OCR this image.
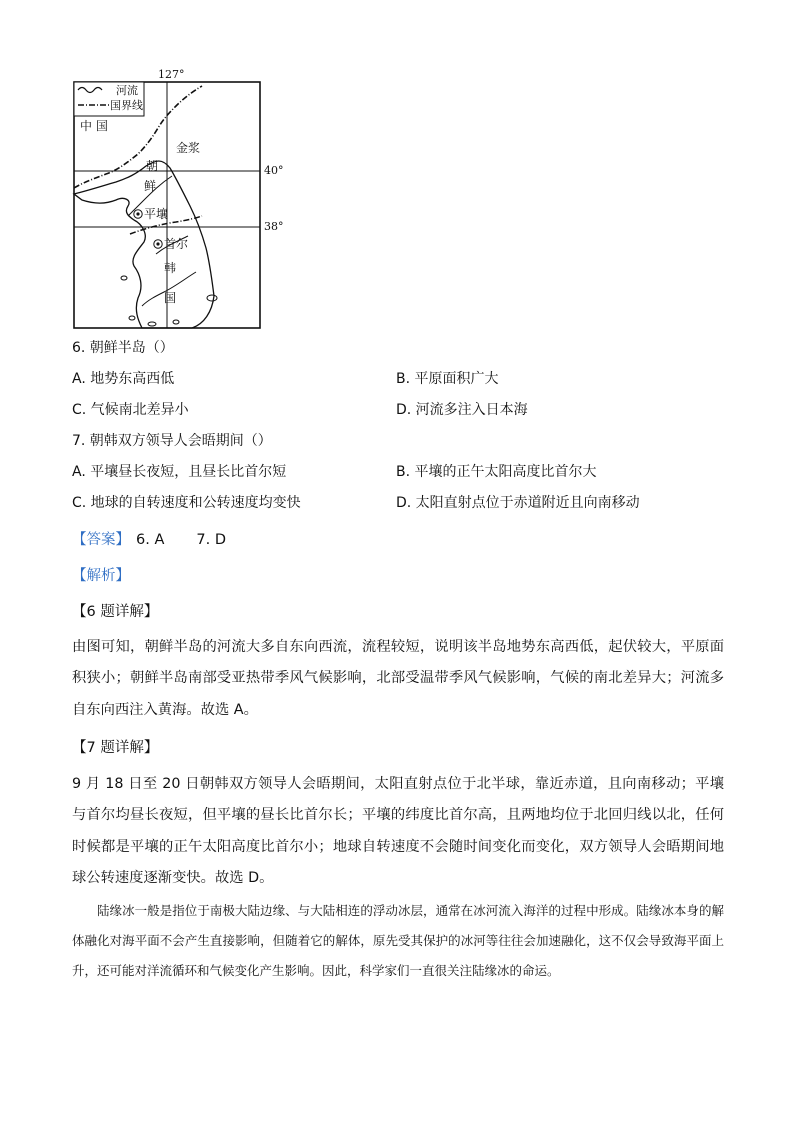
河流
国界线
127°
40°
38°
中 国
金浆
朝
鲜
平壤
首尔
韩
国
6. 朝鲜半岛（）
A. 地势东高西低	B. 平原面积广大
C. 气候南北差异小	D. 河流多注入日本海
7. 朝韩双方领导人会晤期间（）
A. 平壤昼长夜短，且昼长比首尔短	B. 平壤的正午太阳高度比首尔大
C. 地球的自转速度和公转速度均变快	D. 太阳直射点位于赤道附近且向南移动
【答案】 6. A 7. D
【解析】
【6 题详解】
由图可知，朝鲜半岛的河流大多自东向西流，流程较短，说明该半岛地势东高西低，起伏较大，平原面积狭小；朝鲜半岛南部受亚热带季风气候影响，北部受温带季风气候影响，气候的南北差异大；河流多自东向西注入黄海。故选 A。
【7 题详解】
9 月 18 日至 20 日朝韩双方领导人会晤期间，太阳直射点位于北半球，靠近赤道，且向南移动；平壤与首尔均昼长夜短，但平壤的昼长比首尔长；平壤的纬度比首尔高，且两地均位于北回归线以北，任何时候都是平壤的正午太阳高度比首尔小；地球自转速度不会随时间变化而变化，双方领导人会晤期间地球公转速度逐渐变快。故选 D。
陆缘冰一般是指位于南极大陆边缘、与大陆相连的浮动冰层，通常在冰河流入海洋的过程中形成。陆缘冰本身的解体融化对海平面不会产生直接影响，但随着它的解体，原先受其保护的冰河等往往会加速融化，这不仅会导致海平面上升，还可能对洋流循环和气候变化产生影响。因此，科学家们一直很关注陆缘冰的命运。
